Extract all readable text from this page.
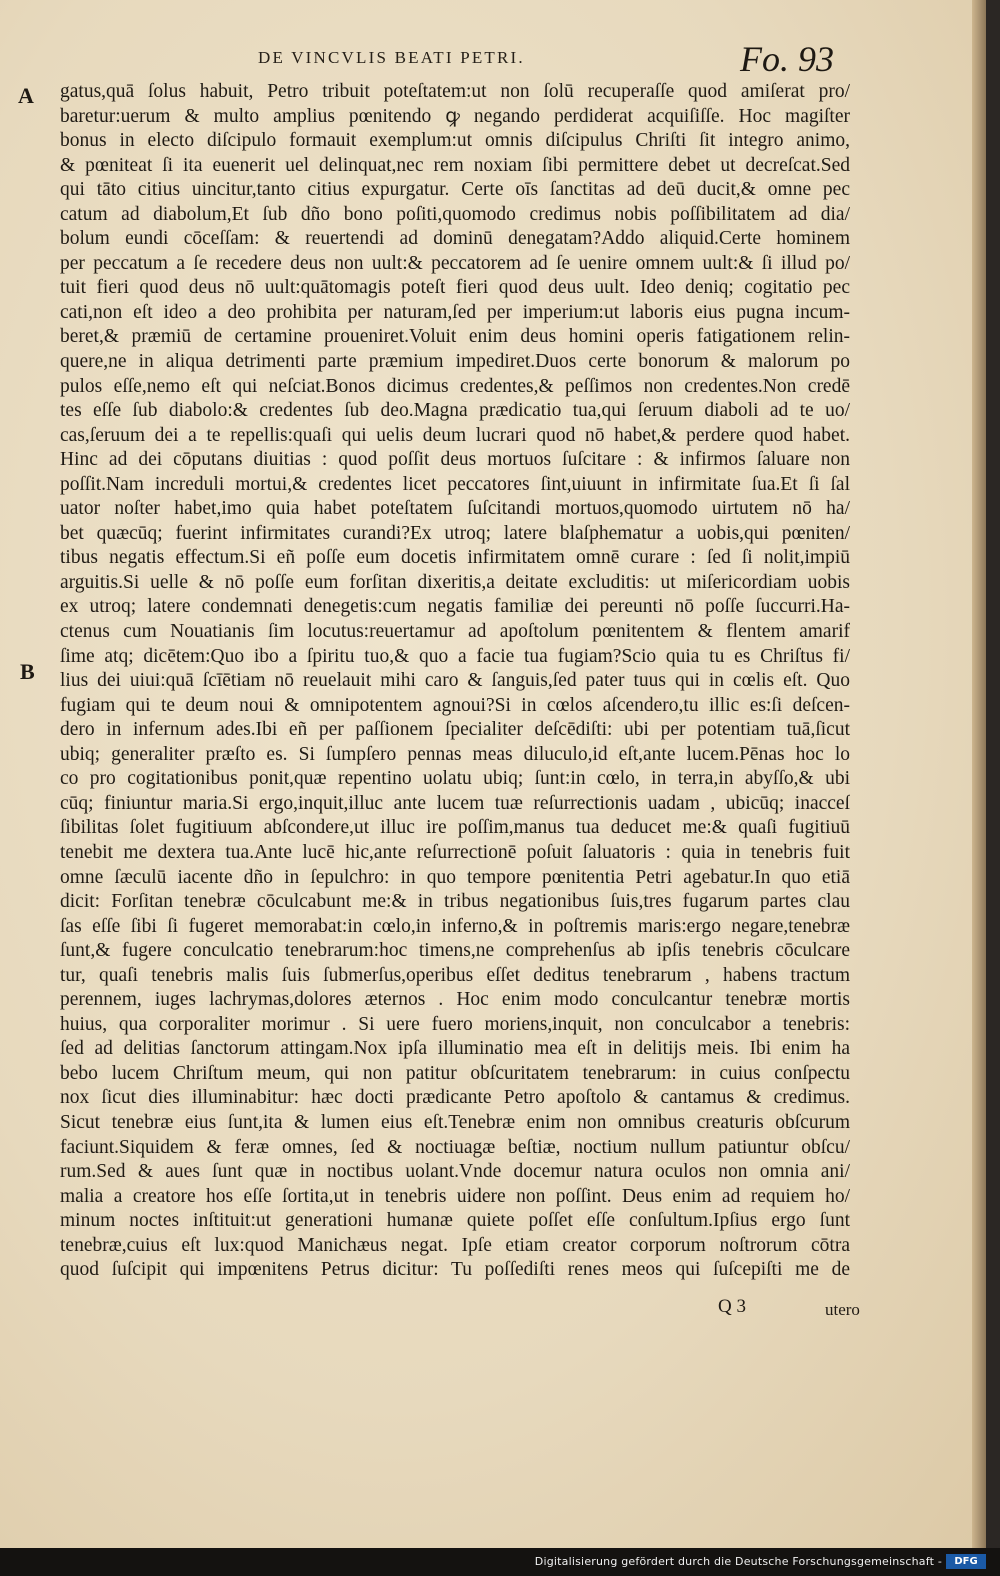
DE VINCVLIS BEATI PETRI.	Fo. 93
A
B
gatus,quā ſolus habuit, Petro tribuit poteſtatem:ut non ſolū recuperaſſe quod amiſerat pro/
baretur:uerum & multo amplius pœnitendo ꝙ negando perdiderat acquiſiſſe. Hoc magiſter
bonus in electo diſcipulo formauit exemplum:ut omnis diſcipulus Chriſti ſit integro animo,
& pœniteat ſi ita euenerit uel delinquat,nec rem noxiam ſibi permittere debet ut decreſcat.Sed
qui tāto citius uincitur,tanto citius expurgatur. Certe oīs ſanctitas ad deū ducit,& omne pec
catum ad diabolum,Et ſub dño bono poſiti,quomodo credimus nobis poſſibilitatem ad dia/
bolum eundi cōceſſam: & reuertendi ad dominū denegatam?Addo aliquid.Certe hominem
per peccatum a ſe recedere deus non uult:& peccatorem ad ſe uenire omnem uult:& ſi illud po/
tuit fieri quod deus nō uult:quātomagis poteſt fieri quod deus uult. Ideo deniq; cogitatio pec
cati,non eſt ideo a deo prohibita per naturam,ſed per imperium:ut laboris eius pugna incum-
beret,& præmiū de certamine proueniret.Voluit enim deus homini operis fatigationem relin-
quere,ne in aliqua detrimenti parte præmium impediret.Duos certe bonorum & malorum po
pulos eſſe,nemo eſt qui neſciat.Bonos dicimus credentes,& peſſimos non credentes.Non credē
tes eſſe ſub diabolo:& credentes ſub deo.Magna prædicatio tua,qui ſeruum diaboli ad te uo/
cas,ſeruum dei a te repellis:quaſi qui uelis deum lucrari quod nō habet,& perdere quod habet.
Hinc ad dei cōputans diuitias : quod poſſit deus mortuos ſuſcitare : & infirmos ſaluare non
poſſit.Nam increduli mortui,& credentes licet peccatores ſint,uiuunt in infirmitate ſua.Et ſi ſal
uator noſter habet,imo quia habet poteſtatem ſuſcitandi mortuos,quomodo uirtutem nō ha/
bet quæcūq; fuerint infirmitates curandi?Ex utroq; latere blaſphematur a uobis,qui pœniten/
tibus negatis effectum.Si eñ poſſe eum docetis infirmitatem omnē curare : ſed ſi nolit,impiū
arguitis.Si uelle & nō poſſe eum forſitan dixeritis,a deitate excluditis: ut miſericordiam uobis
ex utroq; latere condemnati denegetis:cum negatis familiæ dei pereunti nō poſſe ſuccurri.Ha-
ctenus cum Nouatianis ſim locutus:reuertamur ad apoſtolum pœnitentem & flentem amarif
ſime atq; dicētem:Quo ibo a ſpiritu tuo,& quo a facie tua fugiam?Scio quia tu es Chriſtus fi/
lius dei uiui:quā ſcīētiam nō reuelauit mihi caro & ſanguis,ſed pater tuus qui in cœlis eſt. Quo
fugiam qui te deum noui & omnipotentem agnoui?Si in cœlos aſcendero,tu illic es:ſi deſcen-
dero in infernum ades.Ibi eñ per paſſionem ſpecialiter deſcēdiſti: ubi per potentiam tuā,ſicut
ubiq; generaliter præſto es. Si ſumpſero pennas meas diluculo,id eſt,ante lucem.Pēnas hoc lo
co pro cogitationibus ponit,quæ repentino uolatu ubiq; ſunt:in cœlo, in terra,in abyſſo,& ubi
cūq; finiuntur maria.Si ergo,inquit,illuc ante lucem tuæ reſurrectionis uadam , ubicūq; inacceſ
ſibilitas ſolet fugitiuum abſcondere,ut illuc ire poſſim,manus tua deducet me:& quaſi fugitiuū
tenebit me dextera tua.Ante lucē hic,ante reſurrectionē poſuit ſaluatoris : quia in tenebris fuit
omne ſæculū iacente dño in ſepulchro: in quo tempore pœnitentia Petri agebatur.In quo etiā
dicit: Forſitan tenebræ cōculcabunt me:& in tribus negationibus ſuis,tres fugarum partes clau
ſas eſſe ſibi ſi fugeret memorabat:in cœlo,in inferno,& in poſtremis maris:ergo negare,tenebræ
ſunt,& fugere conculcatio tenebrarum:hoc timens,ne comprehenſus ab ipſis tenebris cōculcare
tur, quaſi tenebris malis ſuis ſubmerſus,operibus eſſet deditus tenebrarum , habens tractum
perennem, iuges lachrymas,dolores æternos . Hoc enim modo conculcantur tenebræ mortis
huius, qua corporaliter morimur . Si uere fuero moriens,inquit, non conculcabor a tenebris:
ſed ad delitias ſanctorum attingam.Nox ipſa illuminatio mea eſt in delitijs meis. Ibi enim ha
bebo lucem Chriſtum meum, qui non patitur obſcuritatem tenebrarum: in cuius conſpectu
nox ſicut dies illuminabitur: hæc docti prædicante Petro apoſtolo & cantamus & credimus.
Sicut tenebræ eius ſunt,ita & lumen eius eſt.Tenebræ enim non omnibus creaturis obſcurum
faciunt.Siquidem & feræ omnes, ſed & noctiuagæ beſtiæ, noctium nullum patiuntur obſcu/
rum.Sed & aues ſunt quæ in noctibus uolant.Vnde docemur natura oculos non omnia ani/
malia a creatore hos eſſe ſortita,ut in tenebris uidere non poſſint. Deus enim ad requiem ho/
minum noctes inſtituit:ut generationi humanæ quiete poſſet eſſe conſultum.Ipſius ergo ſunt
tenebræ,cuius eſt lux:quod Manichæus negat. Ipſe etiam creator corporum noſtrorum cōtra
quod ſuſcipit qui impœnitens Petrus dicitur: Tu poſſediſti renes meos qui ſuſcepiſti me de
Q 3	utero
Digitalisierung gefördert durch die Deutsche Forschungsgemeinschaft -	DFG
